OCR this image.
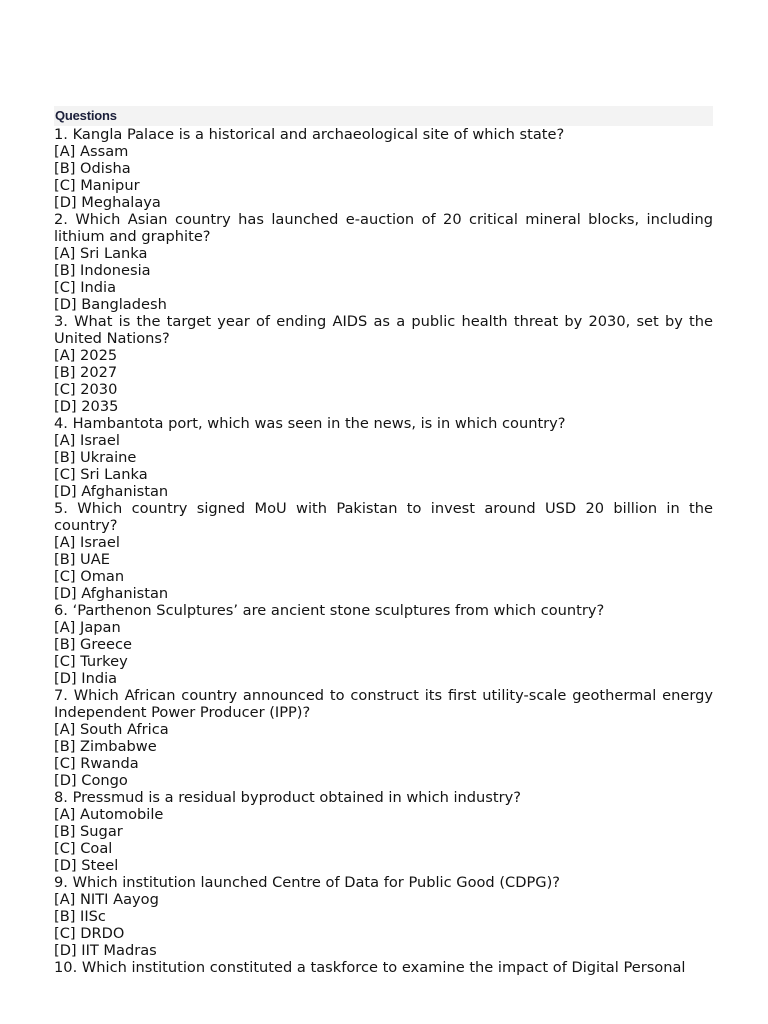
Questions

1. Kangla Palace is a historical and archaeological site of which state?

[A] Assam

[B] Odisha

[C] Manipur

[D] Meghalaya

2. Which Asian country has launched e-auction of 20 critical mineral blocks, including lithium and graphite?

[A] Sri Lanka

[B] Indonesia

[C] India

[D] Bangladesh

3. What is the target year of ending AIDS as a public health threat by 2030, set by the United Nations?

[A] 2025

[B] 2027

[C] 2030

[D] 2035

4. Hambantota port, which was seen in the news, is in which country?

[A] Israel

[B] Ukraine

[C] Sri Lanka

[D] Afghanistan

5. Which country signed MoU with Pakistan to invest around USD 20 billion in the country?

[A] Israel

[B] UAE

[C] Oman

[D] Afghanistan

6. ‘Parthenon Sculptures’ are ancient stone sculptures from which country?

[A] Japan

[B] Greece

[C] Turkey

[D] India

7. Which African country announced to construct its first utility-scale geothermal energy Independent Power Producer (IPP)?

[A] South Africa

[B] Zimbabwe

[C] Rwanda

[D] Congo

8. Pressmud is a residual byproduct obtained in which industry?

[A] Automobile

[B] Sugar

[C] Coal

[D] Steel

9. Which institution launched Centre of Data for Public Good (CDPG)?

[A] NITI Aayog

[B] IISc

[C] DRDO

[D] IIT Madras

10. Which institution constituted a taskforce to examine the impact of Digital Personal
